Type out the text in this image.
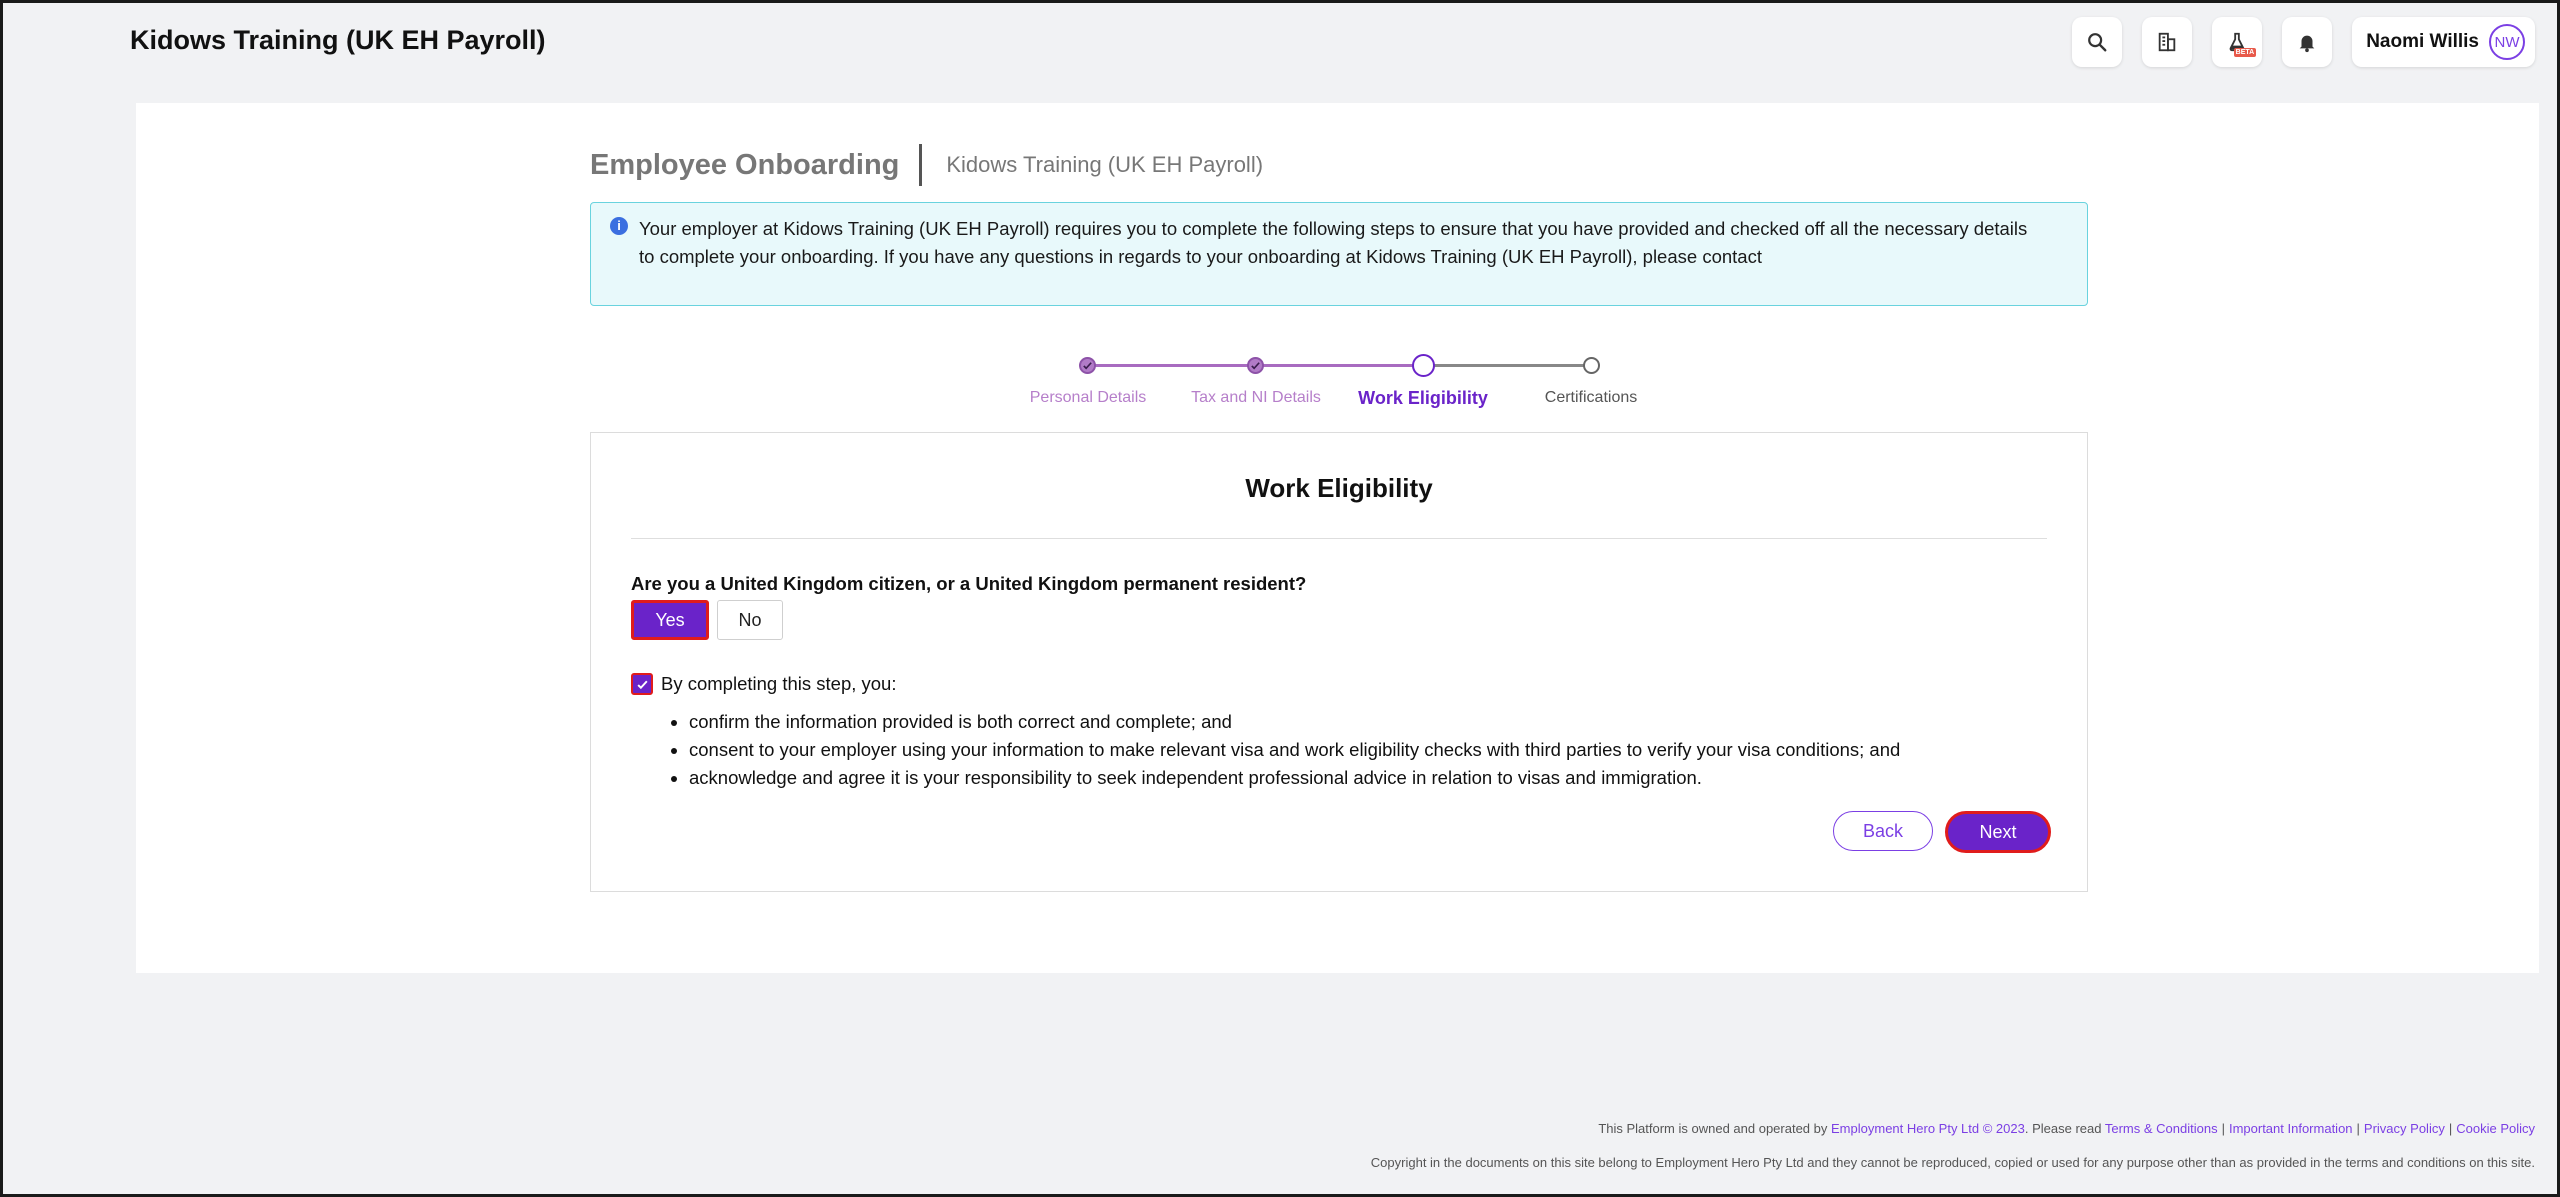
Kidows Training (UK EH Payroll)	BETA
Naomi Willis	NW
Employee Onboarding Kidows Training (UK EH Payroll)
i Your employer at Kidows Training (UK EH Payroll) requires you to complete the following steps to ensure that you have provided and checked off all the necessary details to complete your onboarding. If you have any questions in regards to your onboarding at Kidows Training (UK EH Payroll), please contact
Personal Details	Tax and NI Details Work Eligibility	Certifications
Work Eligibility
Are you a United Kingdom citizen, or a United Kingdom permanent resident?
Yes	No
By completing this step, you:
• confirm the information provided is both correct and complete; and
• consent to your employer using your information to make relevant visa and work eligibility checks with third parties to verify your visa conditions; and
• acknowledge and agree it is your responsibility to seek independent professional advice in relation to visas and immigration.
Back	Next
This Platform is owned and operated by Employment Hero Pty Ltd © 2023. Please read Terms & Conditions | Important Information | Privacy Policy | Cookie Policy
Copyright in the documents on this site belong to Employment Hero Pty Ltd and they cannot be reproduced, copied or used for any purpose other than as provided in the terms and conditions on this site.
